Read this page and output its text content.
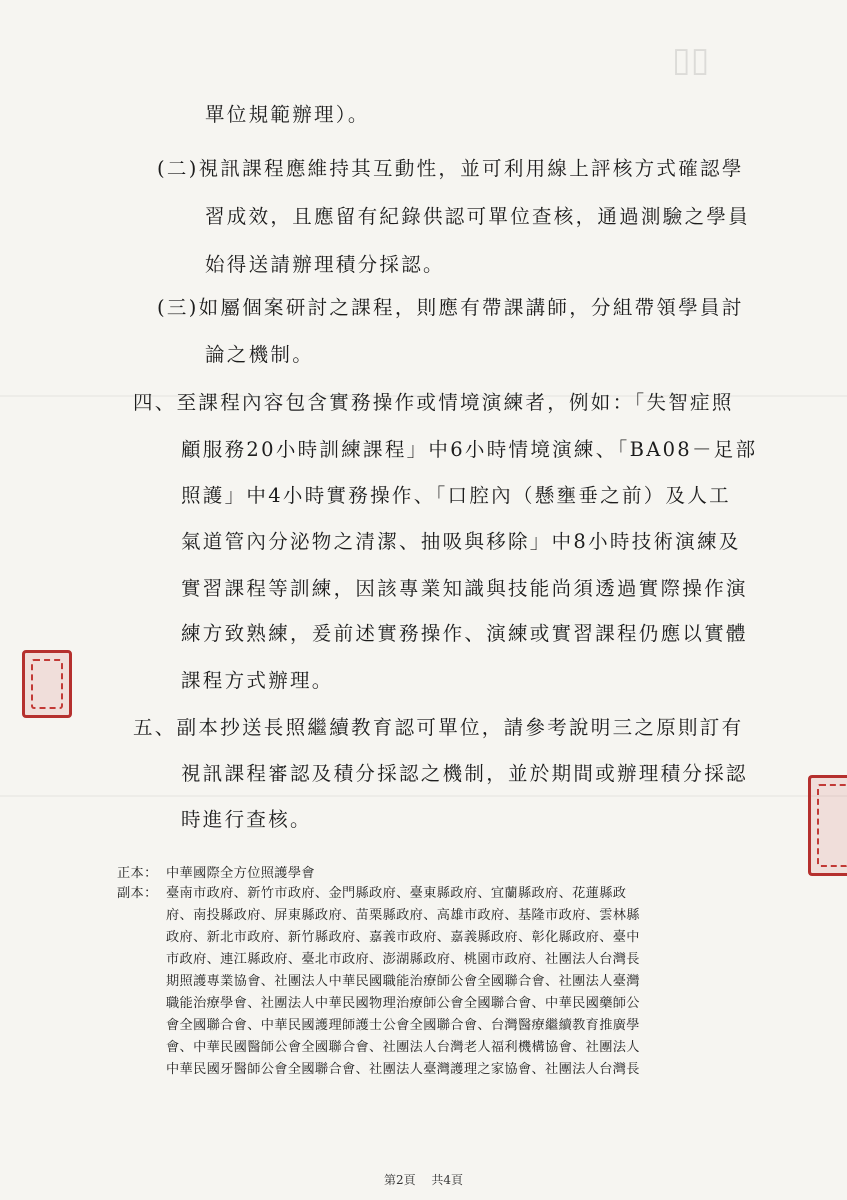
▯▯
單位規範辦理）。
(二)視訊課程應維持其互動性，並可利用線上評核方式確認學
習成效，且應留有紀錄供認可單位查核，通過測驗之學員
始得送請辦理積分採認。
(三)如屬個案研討之課程，則應有帶課講師，分組帶領學員討
論之機制。
四、至課程內容包含實務操作或情境演練者，例如：「失智症照
顧服務20小時訓練課程」中6小時情境演練、「BA08－足部
照護」中4小時實務操作、「口腔內（懸壅垂之前）及人工
氣道管內分泌物之清潔、抽吸與移除」中8小時技術演練及
實習課程等訓練，因該專業知識與技能尚須透過實際操作演
練方致熟練，爰前述實務操作、演練或實習課程仍應以實體
課程方式辦理。
五、副本抄送長照繼續教育認可單位，請參考說明三之原則訂有
視訊課程審認及積分採認之機制，並於期間或辦理積分採認
時進行查核。
正本： 中華國際全方位照護學會
副本： 臺南市政府、新竹市政府、金門縣政府、臺東縣政府、宜蘭縣政府、花蓮縣政
府、南投縣政府、屏東縣政府、苗栗縣政府、高雄市政府、基隆市政府、雲林縣
政府、新北市政府、新竹縣政府、嘉義市政府、嘉義縣政府、彰化縣政府、臺中
市政府、連江縣政府、臺北市政府、澎湖縣政府、桃園市政府、社團法人台灣長
期照護專業協會、社團法人中華民國職能治療師公會全國聯合會、社團法人臺灣
職能治療學會、社團法人中華民國物理治療師公會全國聯合會、中華民國藥師公
會全國聯合會、中華民國護理師護士公會全國聯合會、台灣醫療繼續教育推廣學
會、中華民國醫師公會全國聯合會、社團法人台灣老人福利機構協會、社團法人
中華民國牙醫師公會全國聯合會、社團法人臺灣護理之家協會、社團法人台灣長
第2頁 共4頁
